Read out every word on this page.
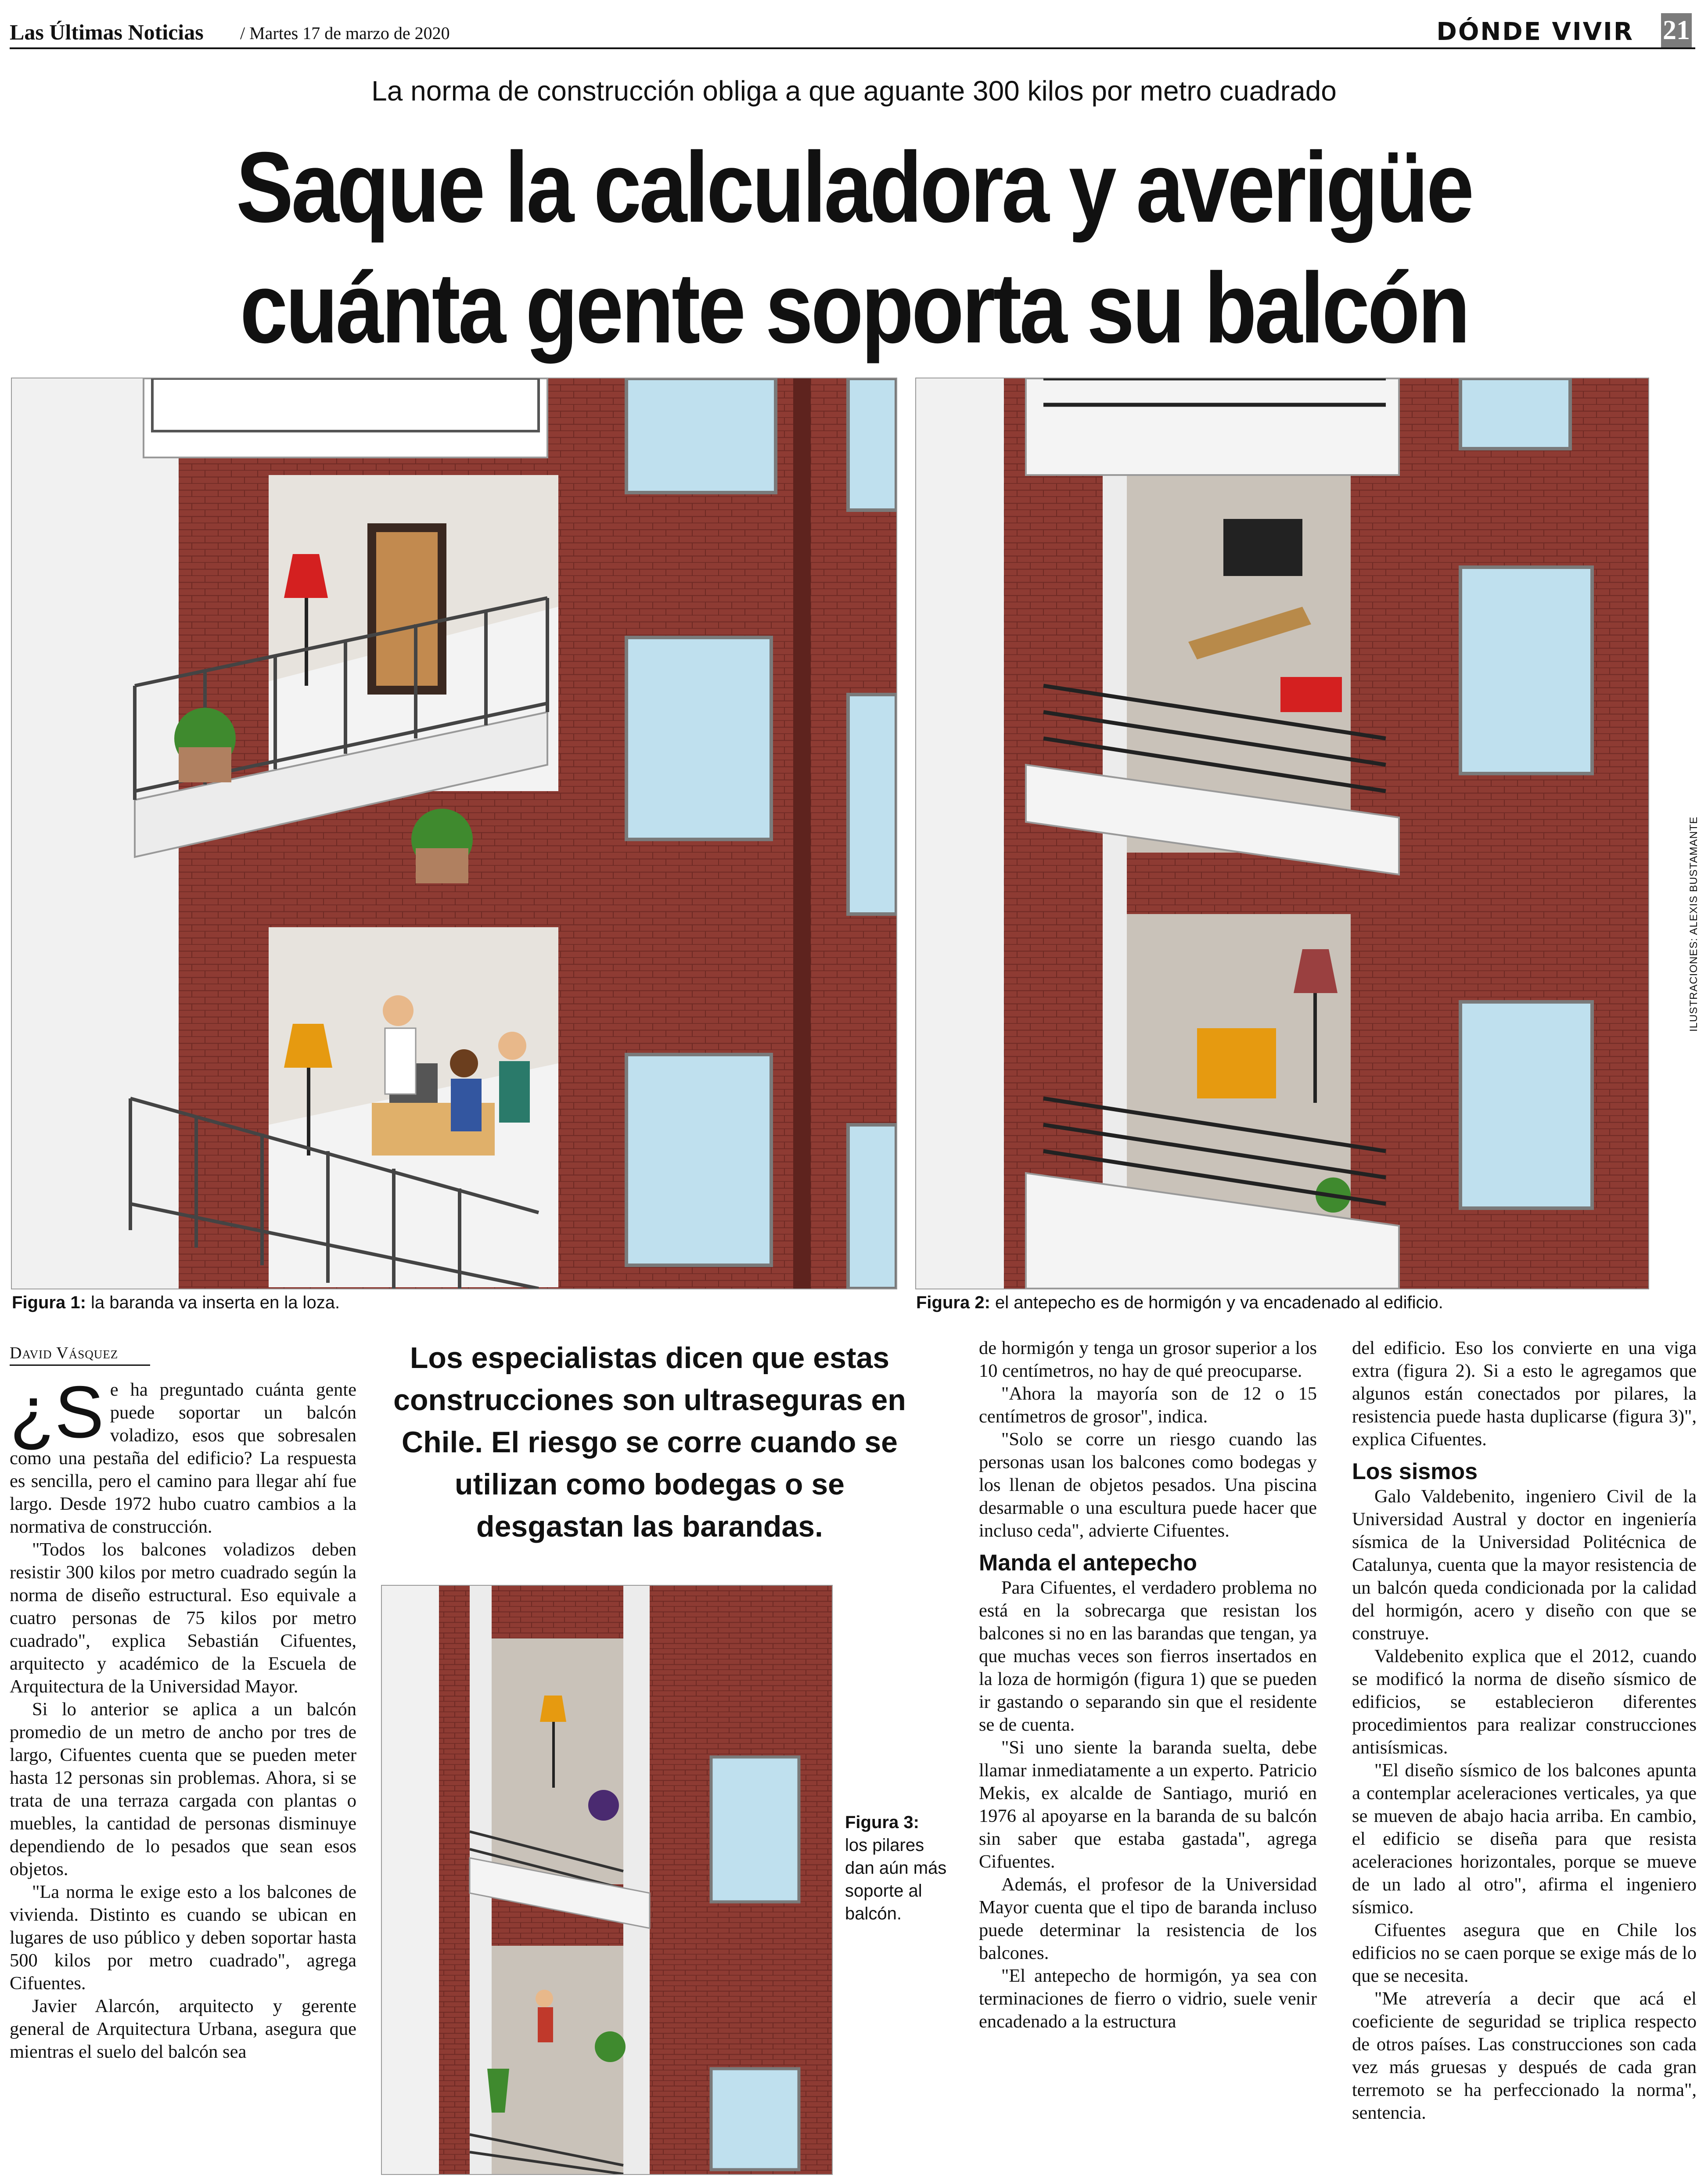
Las Últimas Noticias / Martes 17 de marzo de 2020	DÓNDE VIVIR 21
La norma de construcción obliga a que aguante 300 kilos por metro cuadrado
Saque la calculadora y averigüe
cuánta gente soporta su balcón
Figura 1: la baranda va inserta en la loza.	Figura 2: el antepecho es de hormigón y va encadenado al edificio.
ILUSTRACIONES: ALEXIS BUSTAMANTE
David Vásquez

¿S e ha preguntado cuánta gente puede soportar un balcón voladizo, esos que sobresalen como una pestaña del edificio? La respuesta es sencilla, pero el camino para llegar ahí fue largo. Desde 1972 hubo cuatro cambios a la normativa de construcción.

"Todos los balcones voladizos deben resistir 300 kilos por metro cuadrado según la norma de diseño estructural. Eso equivale a cuatro personas de 75 kilos por metro cuadrado", explica Sebastián Cifuentes, arquitecto y académico de la Escuela de Arquitectura de la Universidad Mayor.

Si lo anterior se aplica a un balcón promedio de un metro de ancho por tres de largo, Cifuentes cuenta que se pueden meter hasta 12 personas sin problemas. Ahora, si se trata de una terraza cargada con plantas o muebles, la cantidad de personas disminuye dependiendo de lo pesados que sean esos objetos.

"La norma le exige esto a los balcones de vivienda. Distinto es cuando se ubican en lugares de uso público y deben soportar hasta 500 kilos por metro cuadrado", agrega Cifuentes.

Javier Alarcón, arquitecto y gerente general de Arquitectura Urbana, asegura que mientras el suelo del balcón sea

Los especialistas dicen que estas construcciones son ultraseguras en Chile. El riesgo se corre cuando se utilizan como bodegas o se desgastan las barandas.
Figura 3:
los pilares dan aún más soporte al balcón.

de hormigón y tenga un grosor superior a los 10 centímetros, no hay de qué preocuparse.

"Ahora la mayoría son de 12 o 15 centímetros de grosor", indica.

"Solo se corre un riesgo cuando las personas usan los balcones como bodegas y los llenan de objetos pesados. Una piscina desarmable o una escultura puede hacer que incluso ceda", advierte Cifuentes.

Manda el antepecho

Para Cifuentes, el verdadero problema no está en la sobrecarga que resistan los balcones si no en las barandas que tengan, ya que muchas veces son fierros insertados en la loza de hormigón (figura 1) que se pueden ir gastando o separando sin que el residente se de cuenta.

"Si uno siente la baranda suelta, debe llamar inmediatamente a un experto. Patricio Mekis, ex alcalde de Santiago, murió en 1976 al apoyarse en la baranda de su balcón sin saber que estaba gastada", agrega Cifuentes.

Además, el profesor de la Universidad Mayor cuenta que el tipo de baranda incluso puede determinar la resistencia de los balcones.

"El antepecho de hormigón, ya sea con terminaciones de fierro o vidrio, suele venir encadenado a la estructura

del edificio. Eso los convierte en una viga extra (figura 2). Si a esto le agregamos que algunos están conectados por pilares, la resistencia puede hasta duplicarse (figura 3)", explica Cifuentes.

Los sismos

Galo Valdebenito, ingeniero Civil de la Universidad Austral y doctor en ingeniería sísmica de la Universidad Politécnica de Catalunya, cuenta que la mayor resistencia de un balcón queda condicionada por la calidad del hormigón, acero y diseño con que se construye.

Valdebenito explica que el 2012, cuando se modificó la norma de diseño sísmico de edificios, se establecieron diferentes procedimientos para realizar construcciones antisísmicas.

"El diseño sísmico de los balcones apunta a contemplar aceleraciones verticales, ya que se mueven de abajo hacia arriba. En cambio, el edificio se diseña para que resista aceleraciones horizontales, porque se mueve de un lado al otro", afirma el ingeniero sísmico.

Cifuentes asegura que en Chile los edificios no se caen porque se exige más de lo que se necesita.

"Me atrevería a decir que acá el coeficiente de seguridad se triplica respecto de otros países. Las construcciones son cada vez más gruesas y después de cada gran terremoto se ha perfeccionado la norma", sentencia.
